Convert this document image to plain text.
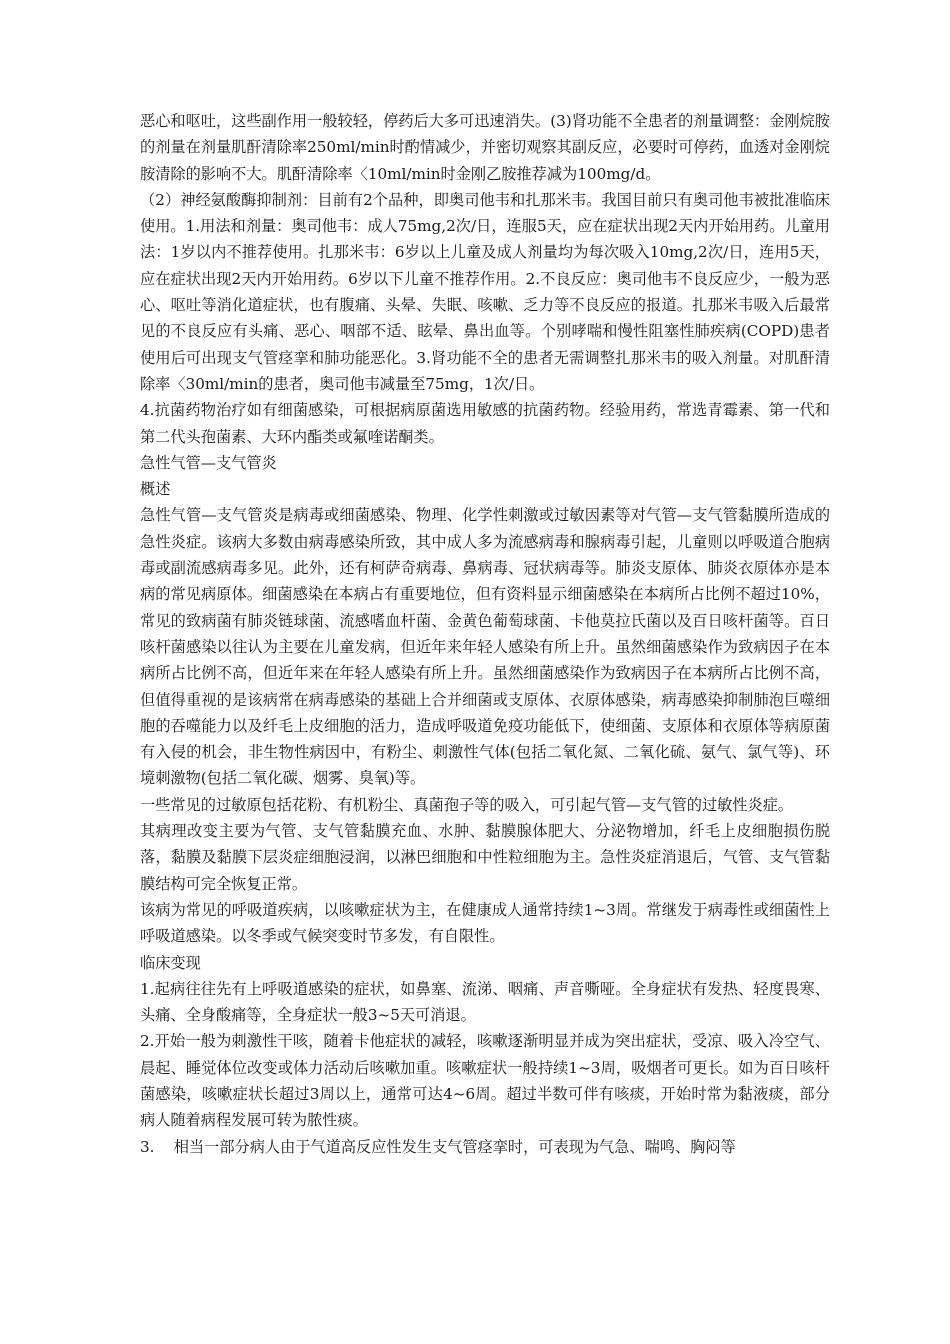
恶心和呕吐，这些副作用一般较轻，停药后大多可迅速消失。(3)肾功能不全患者的剂量调整：金刚烷胺的剂量在剂量肌酐清除率250ml/min时酌情减少，并密切观察其副反应，必要时可停药，血透对金刚烷胺清除的影响不大。肌酐清除率〈10ml/min时金刚乙胺推荐减为100mg/d。

（2）神经氨酸酶抑制剂：目前有2个品种，即奥司他韦和扎那米韦。我国目前只有奥司他韦被批准临床使用。1.用法和剂量：奥司他韦：成人75mg,2次/日，连服5天，应在症状出现2天内开始用药。儿童用法：1岁以内不推荐使用。扎那米韦：6岁以上儿童及成人剂量均为每次吸入10mg,2次/日，连用5天，应在症状出现2天内开始用药。6岁以下儿童不推荐作用。2.不良反应：奥司他韦不良反应少，一般为恶心、呕吐等消化道症状，也有腹痛、头晕、失眠、咳嗽、乏力等不良反应的报道。扎那米韦吸入后最常见的不良反应有头痛、恶心、咽部不适、眩晕、鼻出血等。个别哮喘和慢性阻塞性肺疾病(COPD)患者使用后可出现支气管痉挛和肺功能恶化。3.肾功能不全的患者无需调整扎那米韦的吸入剂量。对肌酐清除率〈30ml/min的患者，奥司他韦减量至75mg，1次/日。

4.抗菌药物治疗如有细菌感染，可根据病原菌选用敏感的抗菌药物。经验用药，常选青霉素、第一代和第二代头孢菌素、大环内酯类或氟喹诺酮类。

急性气管—支气管炎

概述

急性气管—支气管炎是病毒或细菌感染、物理、化学性刺激或过敏因素等对气管—支气管黏膜所造成的急性炎症。该病大多数由病毒感染所致，其中成人多为流感病毒和腺病毒引起，儿童则以呼吸道合胞病毒或副流感病毒多见。此外，还有柯萨奇病毒、鼻病毒、冠状病毒等。肺炎支原体、肺炎衣原体亦是本病的常见病原体。细菌感染在本病占有重要地位，但有资料显示细菌感染在本病所占比例不超过10%，常见的致病菌有肺炎链球菌、流感嗜血杆菌、金黄色葡萄球菌、卡他莫拉氏菌以及百日咳杆菌等。百日咳杆菌感染以往认为主要在儿童发病，但近年来年轻人感染有所上升。虽然细菌感染作为致病因子在本病所占比例不高，但近年来在年轻人感染有所上升。虽然细菌感染作为致病因子在本病所占比例不高，但值得重视的是该病常在病毒感染的基础上合并细菌或支原体、衣原体感染，病毒感染抑制肺泡巨噬细胞的吞噬能力以及纤毛上皮细胞的活力，造成呼吸道免疫功能低下，使细菌、支原体和衣原体等病原菌有入侵的机会，非生物性病因中，有粉尘、刺激性气体(包括二氧化氮、二氧化硫、氨气、氯气等)、环境刺激物(包括二氧化碳、烟雾、臭氧)等。

一些常见的过敏原包括花粉、有机粉尘、真菌孢子等的吸入，可引起气管—支气管的过敏性炎症。

其病理改变主要为气管、支气管黏膜充血、水肿、黏膜腺体肥大、分泌物增加，纤毛上皮细胞损伤脱落，黏膜及黏膜下层炎症细胞浸润，以淋巴细胞和中性粒细胞为主。急性炎症消退后，气管、支气管黏膜结构可完全恢复正常。

该病为常见的呼吸道疾病，以咳嗽症状为主，在健康成人通常持续1~3周。常继发于病毒性或细菌性上呼吸道感染。以冬季或气候突变时节多发，有自限性。

临床变现

1.起病往往先有上呼吸道感染的症状，如鼻塞、流涕、咽痛、声音嘶哑。全身症状有发热、轻度畏寒、头痛、全身酸痛等，全身症状一般3~5天可消退。

2.开始一般为刺激性干咳，随着卡他症状的减轻，咳嗽逐渐明显并成为突出症状，受凉、吸入冷空气、晨起、睡觉体位改变或体力活动后咳嗽加重。咳嗽症状一般持续1~3周，吸烟者可更长。如为百日咳杆菌感染，咳嗽症状长超过3周以上，通常可达4~6周。超过半数可伴有咳痰，开始时常为黏液痰，部分病人随着病程发展可转为脓性痰。

3.    相当一部分病人由于气道高反应性发生支气管痉挛时，可表现为气急、喘鸣、胸闷等
